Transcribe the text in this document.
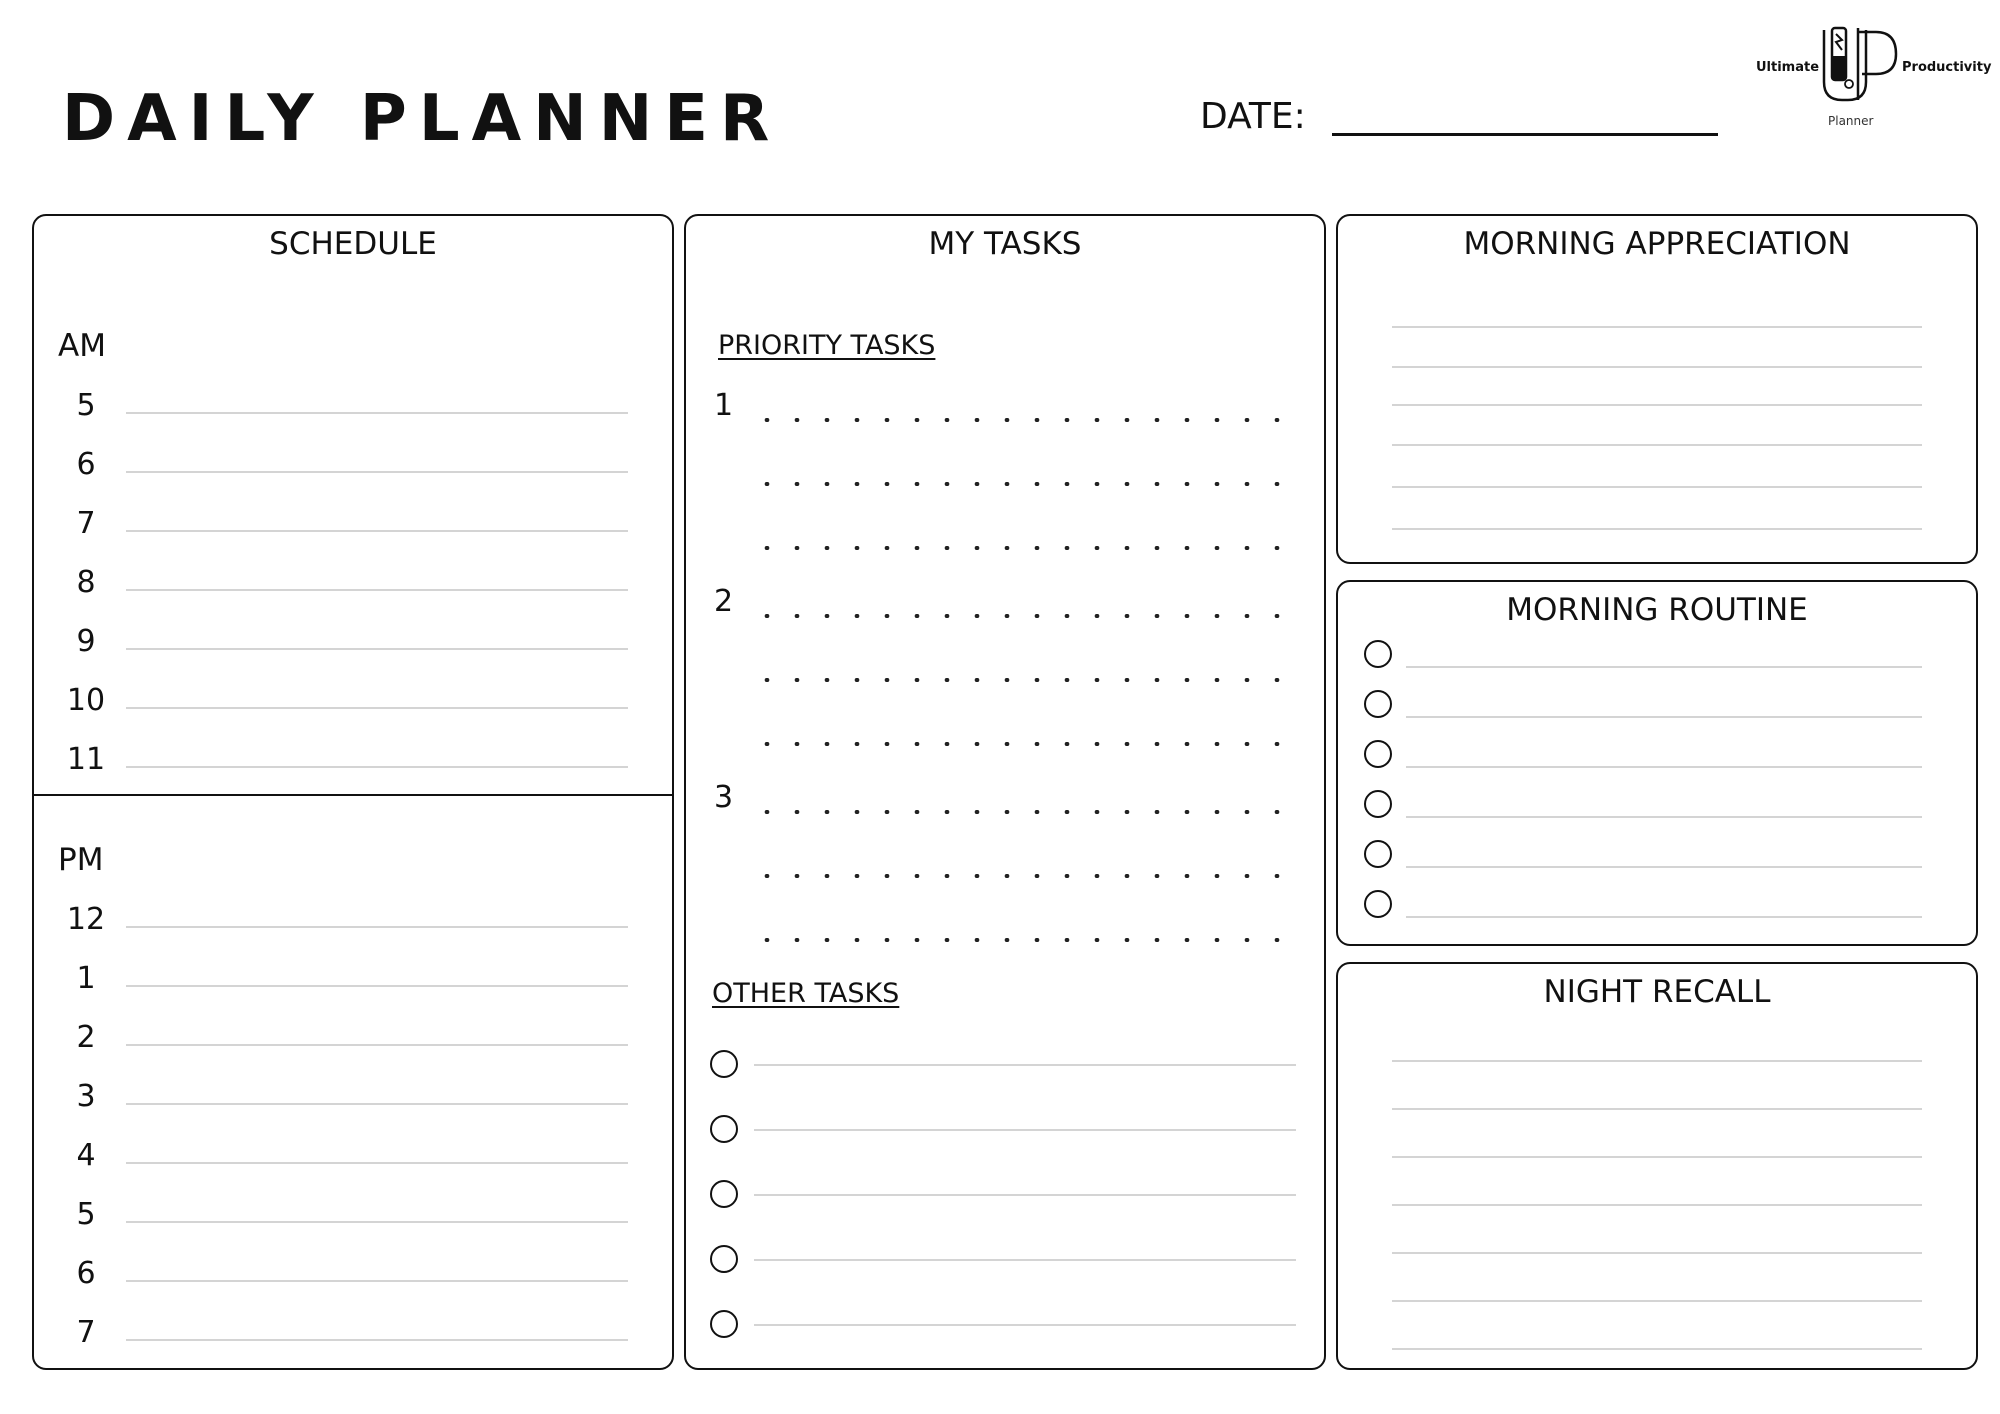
DAILY PLANNER	DATE:
Ultimate	Productivity
Planner
SCHEDULE
AM
5
6
7
8
9
10
11
PM
12
1
2
3
4
5
6
7
MY TASKS
PRIORITY TASKS
1
2
3
OTHER TASKS
MORNING APPRECIATION
MORNING ROUTINE
NIGHT RECALL
